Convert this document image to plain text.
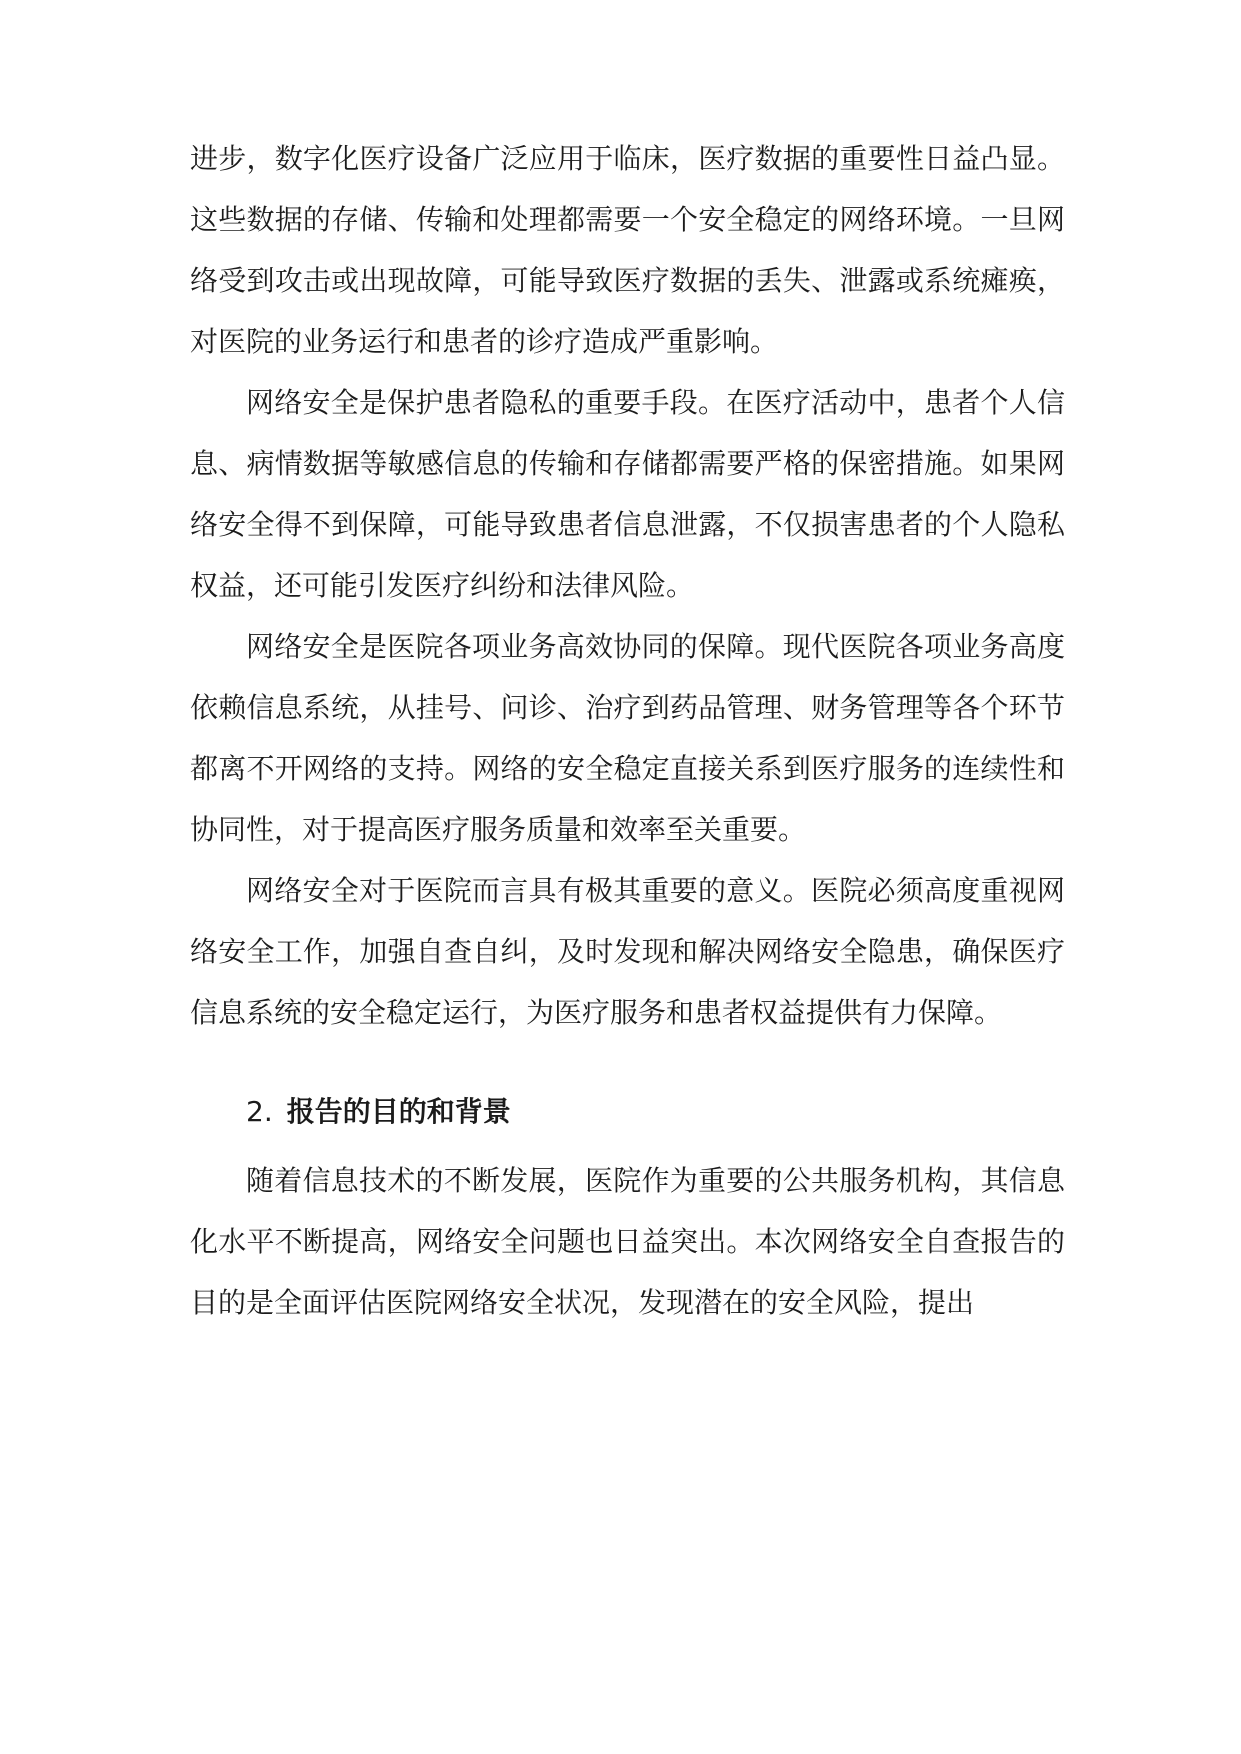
进步，数字化医疗设备广泛应用于临床，医疗数据的重要性日益凸显。这些数据的存储、传输和处理都需要一个安全稳定的网络环境。一旦网络受到攻击或出现故障，可能导致医疗数据的丢失、泄露或系统瘫痪，对医院的业务运行和患者的诊疗造成严重影响。

网络安全是保护患者隐私的重要手段。在医疗活动中，患者个人信息、病情数据等敏感信息的传输和存储都需要严格的保密措施。如果网络安全得不到保障，可能导致患者信息泄露，不仅损害患者的个人隐私权益，还可能引发医疗纠纷和法律风险。

网络安全是医院各项业务高效协同的保障。现代医院各项业务高度依赖信息系统，从挂号、问诊、治疗到药品管理、财务管理等各个环节都离不开网络的支持。网络的安全稳定直接关系到医疗服务的连续性和协同性，对于提高医疗服务质量和效率至关重要。

网络安全对于医院而言具有极其重要的意义。医院必须高度重视网络安全工作，加强自查自纠，及时发现和解决网络安全隐患，确保医疗信息系统的安全稳定运行，为医疗服务和患者权益提供有力保障。

2. 报告的目的和背景

随着信息技术的不断发展，医院作为重要的公共服务机构，其信息化水平不断提高，网络安全问题也日益突出。本次网络安全自查报告的目的是全面评估医院网络安全状况，发现潜在的安全风险，提出
